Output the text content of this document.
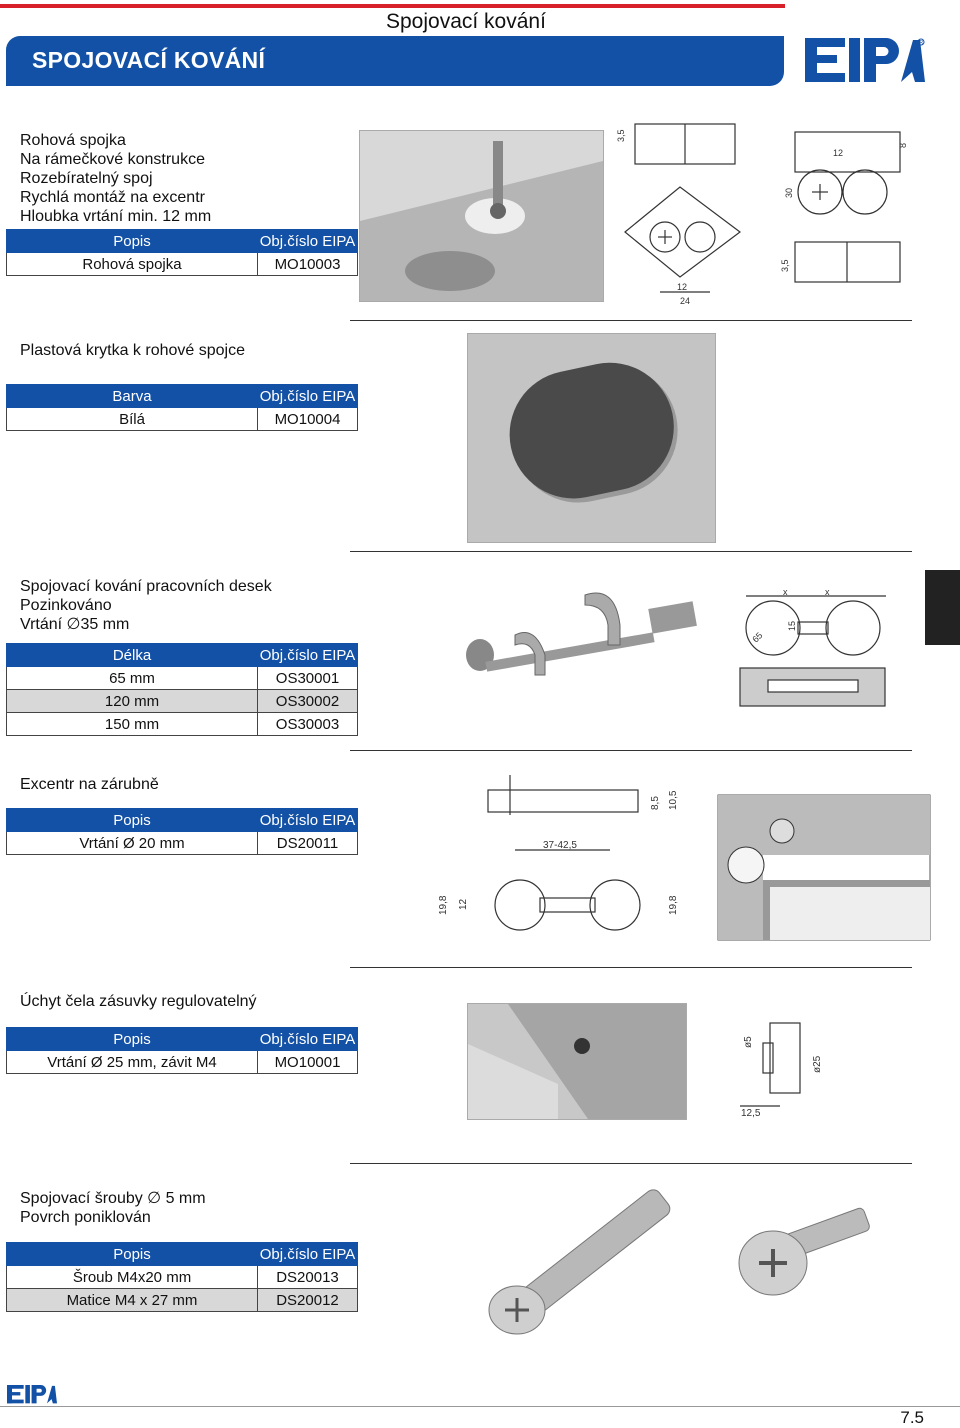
Spojovací kování
SPOJOVACÍ KOVÁNÍ
R
Rohová spojka
Na rámečkové konstrukce
Rozebíratelný spoj
Rychlá montáž na excentr
Hloubka vrtání min. 12 mm
Popis	Obj.číslo EIPA
Rohová spojka	MO10003
3,5
12
24
30
12
8
3,5
Plastová krytka k rohové spojce
Barva	Obj.číslo EIPA
Bílá	MO10004
Spojovací kování pracovních desek
Pozinkováno
Vrtání ∅35 mm
Délka	Obj.číslo EIPA
65 mm	OS30001
120 mm	OS30002
150 mm	OS30003
x	x
15
65
Excentr na zárubně
Popis	Obj.číslo EIPA
Vrtání Ø 20 mm	DS20011
8,5 10,5
37-42,5
19,8 12	19,8
Úchyt čela zásuvky regulovatelný
Popis	Obj.číslo EIPA
Vrtání Ø 25 mm, závit M4	MO10001
ø5
ø25
12,5
Spojovací šrouby ∅ 5 mm
Povrch poniklován
Popis	Obj.číslo EIPA
Šroub M4x20 mm	DS20013
Matice M4 x 27 mm	DS20012
7.5
